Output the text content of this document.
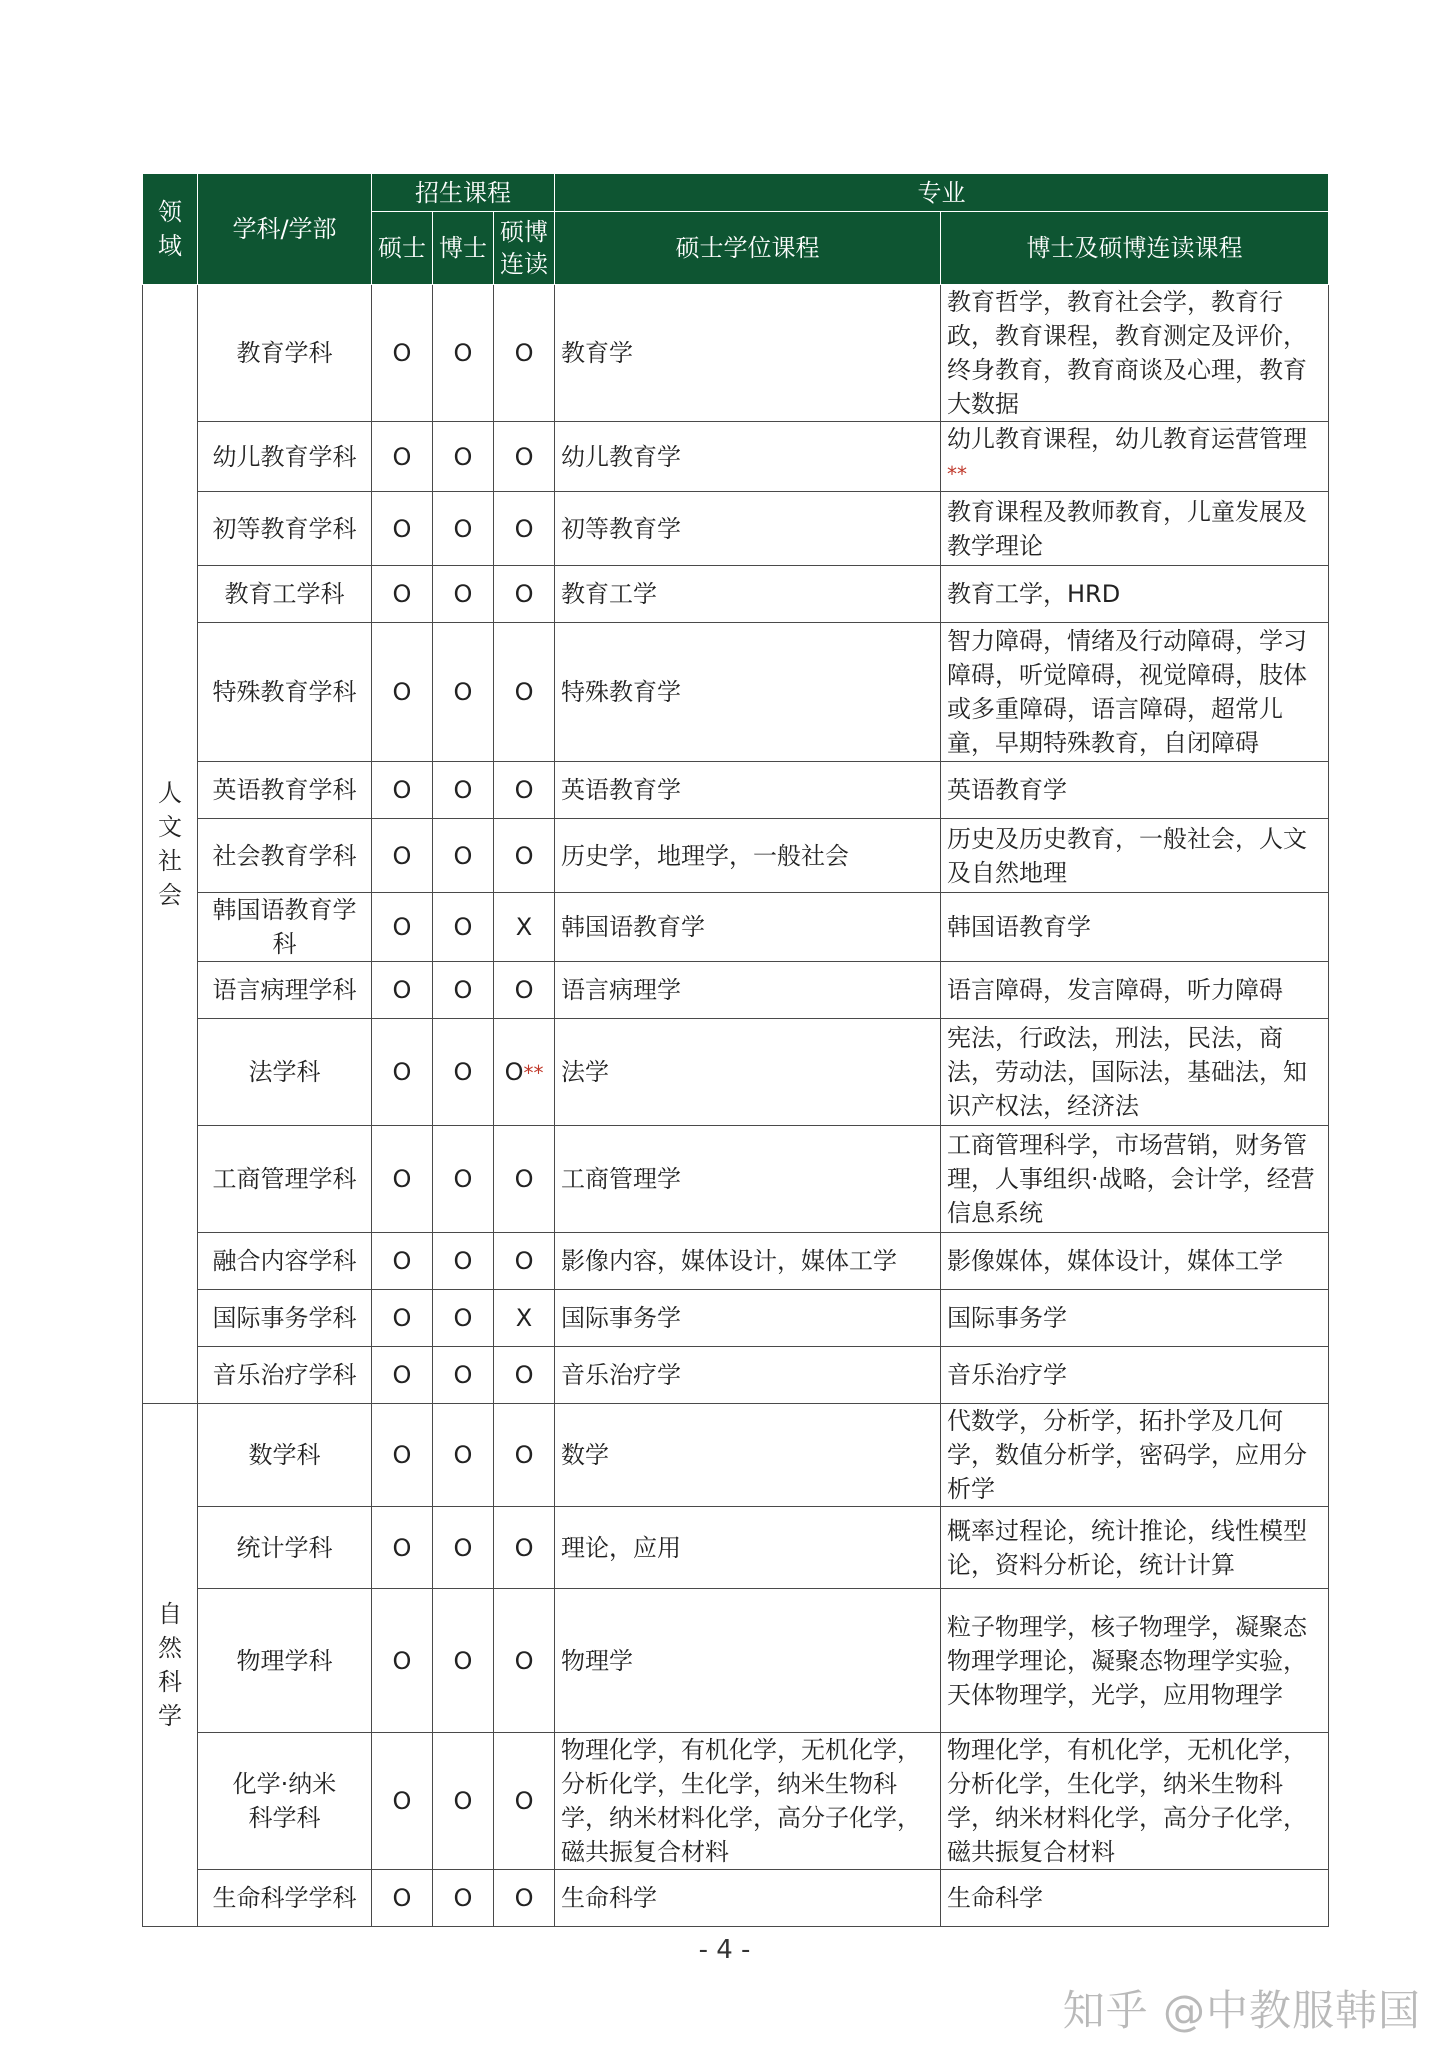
领域	学科/学部	招生课程			专业	
		硕士	博士	硕博连读	硕士学位课程	博士及硕博连读课程
人文社会	教育学科	O	O	O	教育学	教育哲学，教育社会学，教育行政，教育课程，教育测定及评价，终身教育，教育商谈及心理，教育大数据
	幼儿教育学科	O	O	O	幼儿教育学	幼儿教育课程，幼儿教育运营管理**
	初等教育学科	O	O	O	初等教育学	教育课程及教师教育，儿童发展及教学理论
	教育工学科	O	O	O	教育工学	教育工学，HRD
	特殊教育学科	O	O	O	特殊教育学	智力障碍，情绪及行动障碍，学习障碍，听觉障碍，视觉障碍，肢体或多重障碍，语言障碍，超常儿童，早期特殊教育，自闭障碍
	英语教育学科	O	O	O	英语教育学	英语教育学
	社会教育学科	O	O	O	历史学，地理学，一般社会	历史及历史教育，一般社会，人文及自然地理
	韩国语教育学科	O	O	X	韩国语教育学	韩国语教育学
	语言病理学科	O	O	O	语言病理学	语言障碍，发言障碍，听力障碍
	法学科	O	O	O**	法学	宪法，行政法，刑法，民法，商法，劳动法，国际法，基础法，知识产权法，经济法
	工商管理学科	O	O	O	工商管理学	工商管理科学，市场营销，财务管理，人事组织·战略，会计学，经营信息系统
	融合内容学科	O	O	O	影像内容，媒体设计，媒体工学	影像媒体，媒体设计，媒体工学
	国际事务学科	O	O	X	国际事务学	国际事务学
	音乐治疗学科	O	O	O	音乐治疗学	音乐治疗学
自然科学	数学科	O	O	O	数学	代数学，分析学，拓扑学及几何学，数值分析学，密码学，应用分析学
	统计学科	O	O	O	理论，应用	概率过程论，统计推论，线性模型论，资料分析论，统计计算
	物理学科	O	O	O	物理学	粒子物理学，核子物理学，凝聚态物理学理论，凝聚态物理学实验，天体物理学，光学，应用物理学
	化学·纳米科学科	O	O	O	物理化学，有机化学，无机化学，分析化学，生化学，纳米生物科学，纳米材料化学，高分子化学，磁共振复合材料	物理化学，有机化学，无机化学，分析化学，生化学，纳米生物科学，纳米材料化学，高分子化学，磁共振复合材料
	生命科学学科	O	O	O	生命科学	生命科学
- 4 -
知乎 @中教服韩国
